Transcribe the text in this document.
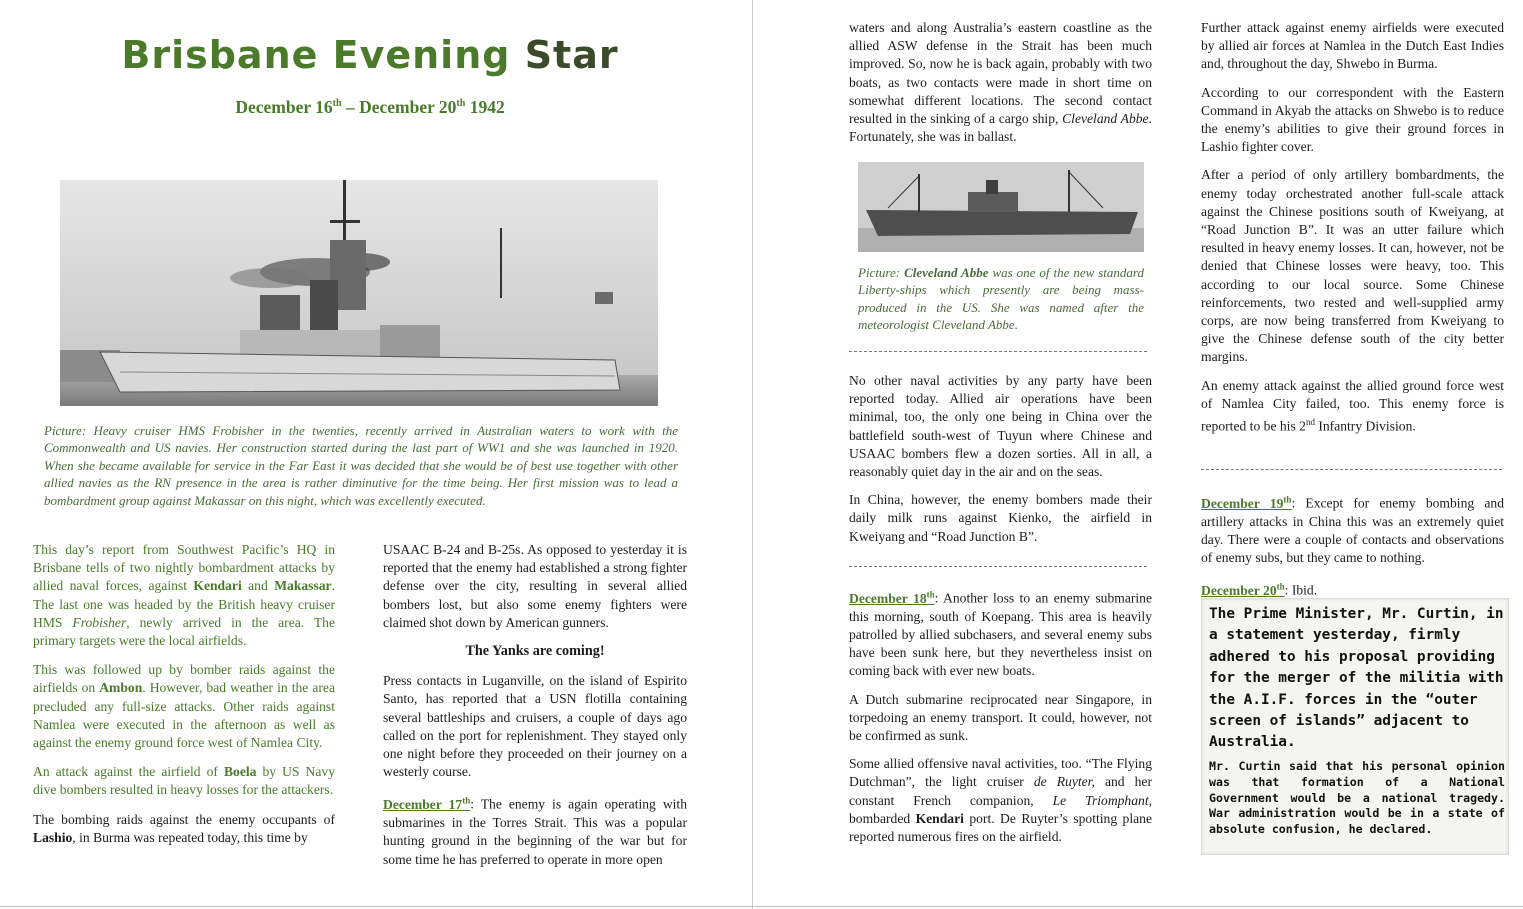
Brisbane Evening Star
December 16th – December 20th 1942

Picture: Heavy cruiser HMS Frobisher in the twenties, recently arrived in Australian waters to work with the Commonwealth and US navies. Her construction started during the last part of WW1 and she was launched in 1920. When she became available for service in the Far East it was decided that she would be of best use together with other allied navies as the RN presence in the area is rather diminutive for the time being. Her first mission was to lead a bombardment group against Makassar on this night, which was excellently executed.

This day’s report from Southwest Pacific’s HQ in Brisbane tells of two nightly bombardment attacks by allied naval forces, against Kendari and Makassar. The last one was headed by the British heavy cruiser HMS Frobisher, newly arrived in the area. The primary targets were the local airfields.

This was followed up by bomber raids against the airfields on Ambon. However, bad weather in the area precluded any full-size attacks. Other raids against Namlea were executed in the afternoon as well as against the enemy ground force west of Namlea City.

An attack against the airfield of Boela by US Navy dive bombers resulted in heavy losses for the attackers.

The bombing raids against the enemy occupants of Lashio, in Burma was repeated today, this time by

USAAC B-24 and B-25s. As opposed to yesterday it is reported that the enemy had established a strong fighter defense over the city, resulting in several allied bombers lost, but also some enemy fighters were claimed shot down by American gunners.

The Yanks are coming!

Press contacts in Luganville, on the island of Espirito Santo, has reported that a USN flotilla containing several battleships and cruisers, a couple of days ago called on the port for replenishment. They stayed only one night before they proceeded on their journey on a westerly course.

December 17th: The enemy is again operating with submarines in the Torres Strait. This was a popular hunting ground in the beginning of the war but for some time he has preferred to operate in more open

waters and along Australia’s eastern coastline as the allied ASW defense in the Strait has been much improved. So, now he is back again, probably with two boats, as two contacts were made in short time on somewhat different locations. The second contact resulted in the sinking of a cargo ship, Cleveland Abbe. Fortunately, she was in ballast.

Picture: Cleveland Abbe was one of the new standard Liberty-ships which presently are being mass-produced in the US. She was named after the meteorologist Cleveland Abbe.

No other naval activities by any party have been reported today. Allied air operations have been minimal, too, the only one being in China over the battlefield south-west of Tuyun where Chinese and USAAC bombers flew a dozen sorties. All in all, a reasonably quiet day in the air and on the seas.

In China, however, the enemy bombers made their daily milk runs against Kienko, the airfield in Kweiyang and “Road Junction B”.

December 18th: Another loss to an enemy submarine this morning, south of Koepang. This area is heavily patrolled by allied subchasers, and several enemy subs have been sunk here, but they nevertheless insist on coming back with ever new boats.

A Dutch submarine reciprocated near Singapore, in torpedoing an enemy transport. It could, however, not be confirmed as sunk.

Some allied offensive naval activities, too. “The Flying Dutchman”, the light cruiser de Ruyter, and her constant French companion, Le Triomphant, bombarded Kendari port. De Ruyter’s spotting plane reported numerous fires on the airfield.

Further attack against enemy airfields were executed by allied air forces at Namlea in the Dutch East Indies and, throughout the day, Shwebo in Burma.

According to our correspondent with the Eastern Command in Akyab the attacks on Shwebo is to reduce the enemy’s abilities to give their ground forces in Lashio fighter cover.

After a period of only artillery bombardments, the enemy today orchestrated another full-scale attack against the Chinese positions south of Kweiyang, at “Road Junction B”. It was an utter failure which resulted in heavy enemy losses. It can, however, not be denied that Chinese losses were heavy, too. This according to our local source. Some Chinese reinforcements, two rested and well-supplied army corps, are now being transferred from Kweiyang to give the Chinese defense south of the city better margins.

An enemy attack against the allied ground force west of Namlea City failed, too. This enemy force is reported to be his 2nd Infantry Division.

December 19th: Except for enemy bombing and artillery attacks in China this was an extremely quiet day. There were a couple of contacts and observations of enemy subs, but they came to nothing.

December 20th: Ibid.

The Prime Minister, Mr. Curtin, in a statement yesterday, firmly adhered to his proposal providing for the merger of the militia with the A.I.F. forces in the “outer screen of islands” adjacent to Australia.

Mr. Curtin said that his personal opinion was that formation of a National Government would be a national tragedy. War administration would be in a state of absolute confusion, he declared.
